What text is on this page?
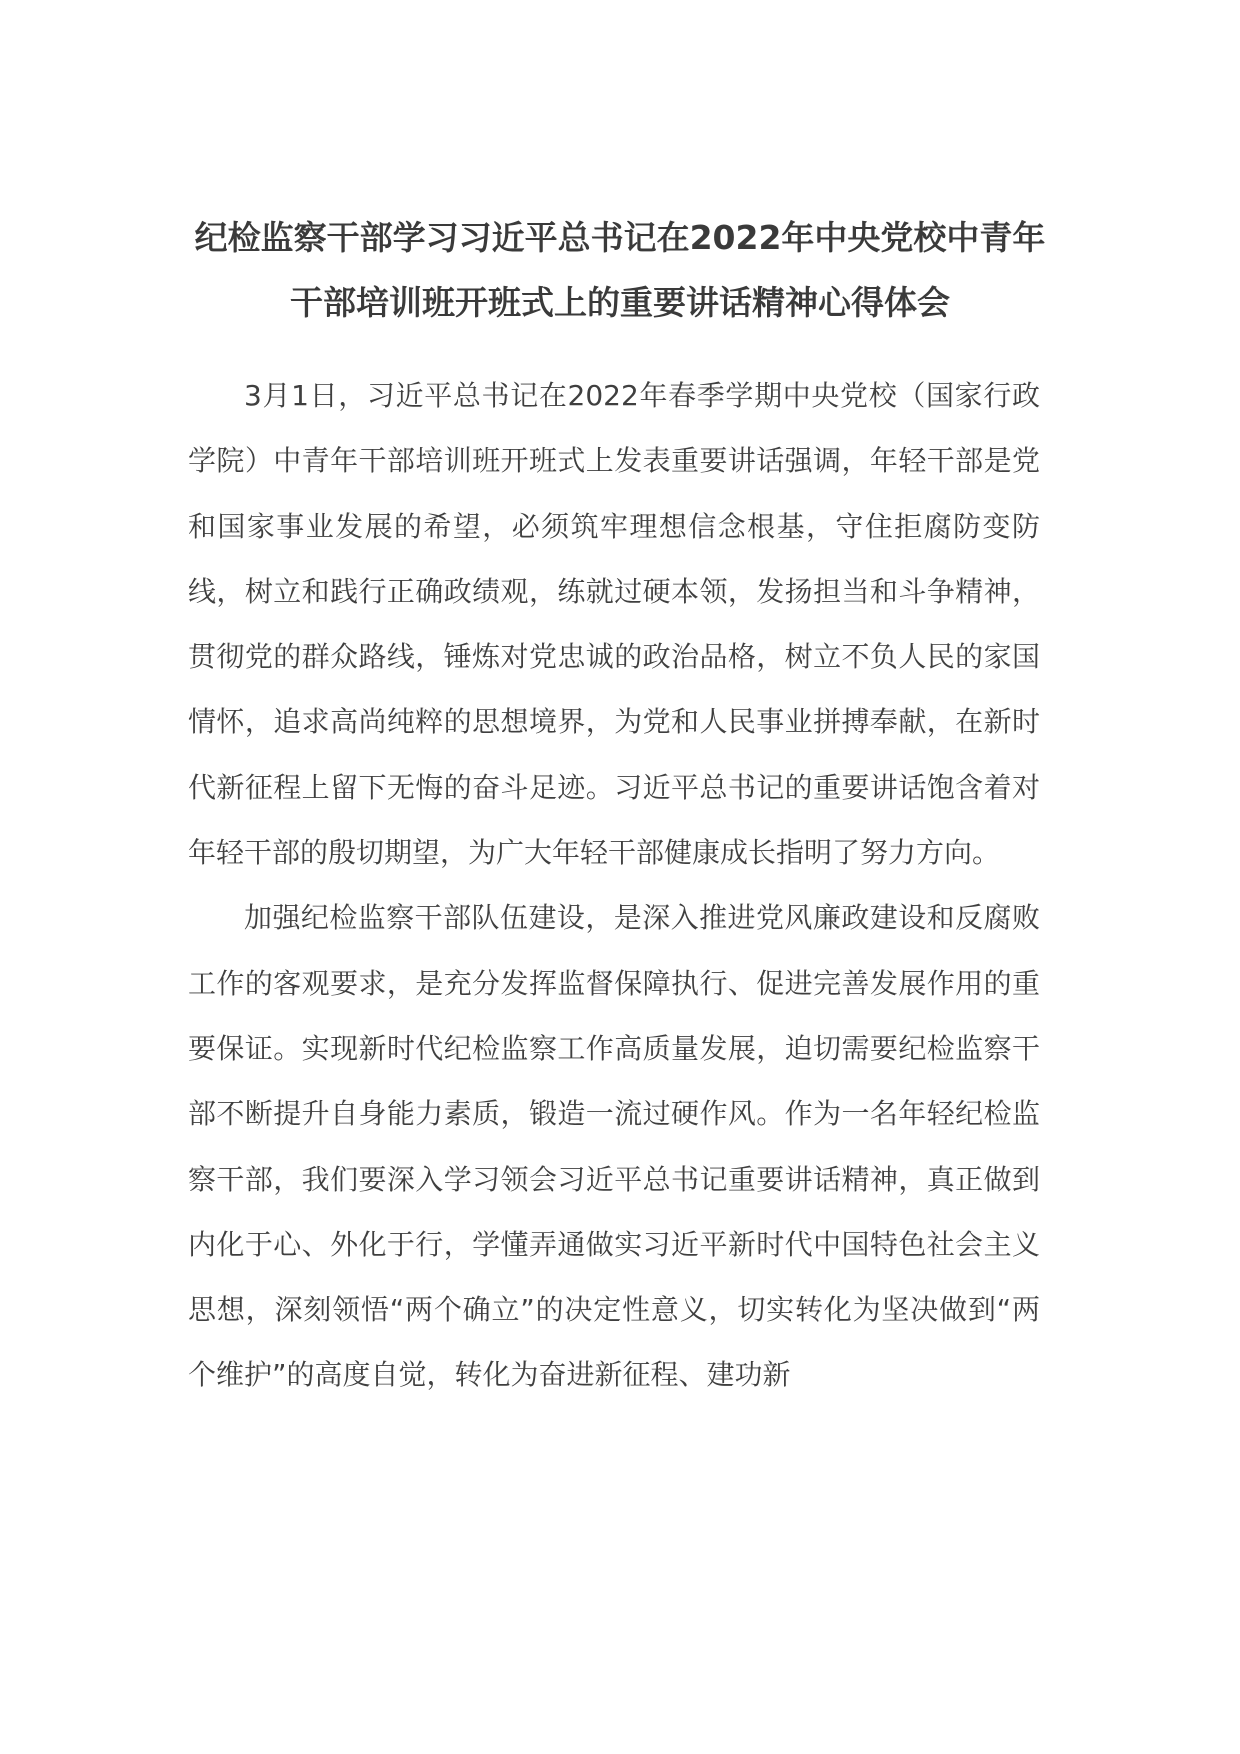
纪检监察干部学习习近平总书记在2022年中央党校中青年干部培训班开班式上的重要讲话精神心得体会

3月1日，习近平总书记在2022年春季学期中央党校（国家行政学院）中青年干部培训班开班式上发表重要讲话强调，年轻干部是党和国家事业发展的希望，必须筑牢理想信念根基，守住拒腐防变防线，树立和践行正确政绩观，练就过硬本领，发扬担当和斗争精神，贯彻党的群众路线，锤炼对党忠诚的政治品格，树立不负人民的家国情怀，追求高尚纯粹的思想境界，为党和人民事业拼搏奉献，在新时代新征程上留下无悔的奋斗足迹。习近平总书记的重要讲话饱含着对年轻干部的殷切期望，为广大年轻干部健康成长指明了努力方向。

加强纪检监察干部队伍建设，是深入推进党风廉政建设和反腐败工作的客观要求，是充分发挥监督保障执行、促进完善发展作用的重要保证。实现新时代纪检监察工作高质量发展，迫切需要纪检监察干部不断提升自身能力素质，锻造一流过硬作风。作为一名年轻纪检监察干部，我们要深入学习领会习近平总书记重要讲话精神，真正做到内化于心、外化于行，学懂弄通做实习近平新时代中国特色社会主义思想，深刻领悟“两个确立”的决定性意义，切实转化为坚决做到“两个维护”的高度自觉，转化为奋进新征程、建功新
